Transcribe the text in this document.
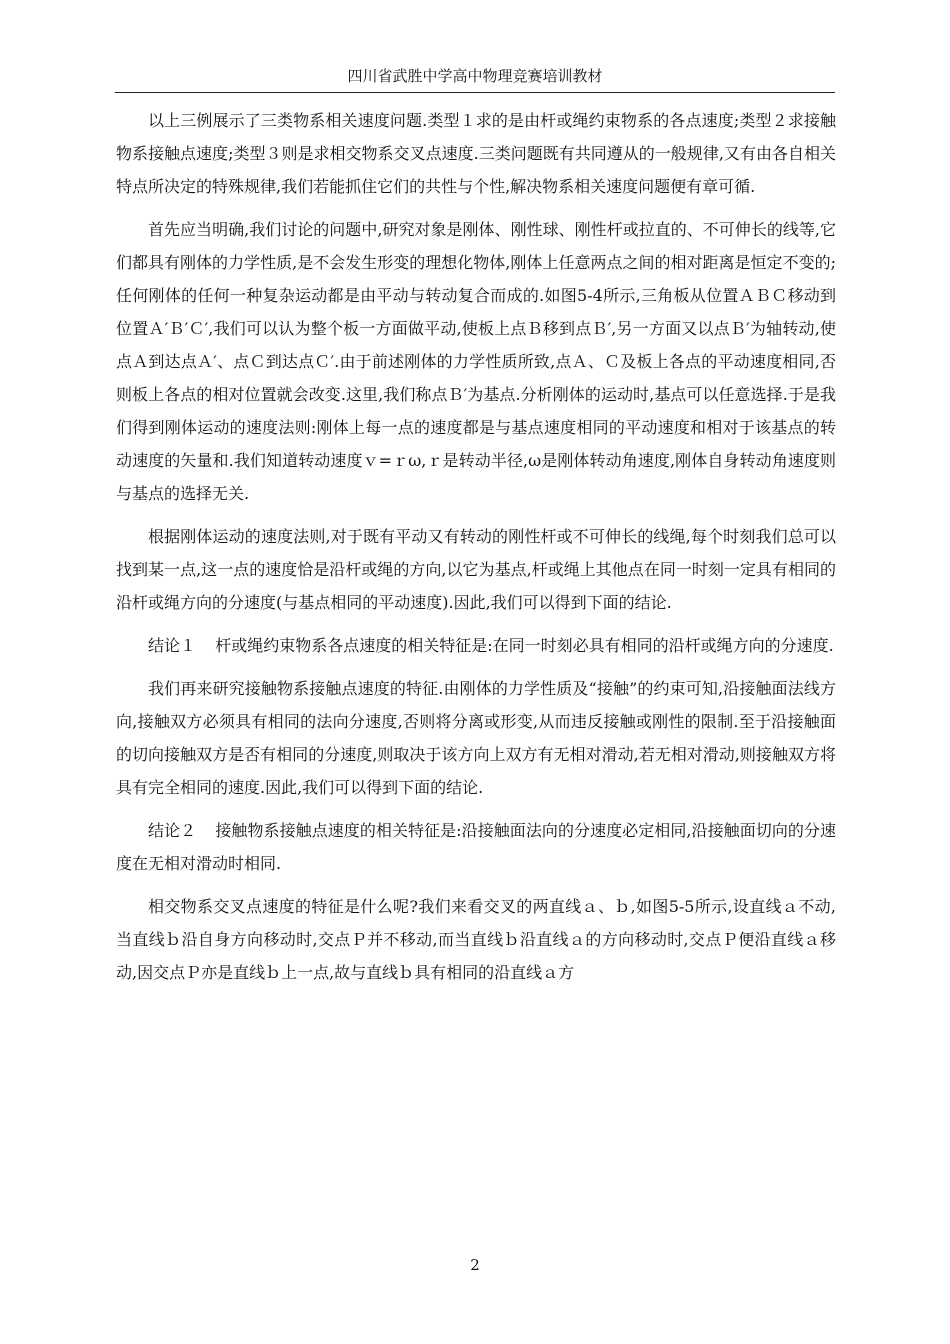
四川省武胜中学高中物理竞赛培训教材

以上三例展示了三类物系相关速度问题.类型１求的是由杆或绳约束物系的各点速度;类型２求接触物系接触点速度;类型３则是求相交物系交叉点速度.三类问题既有共同遵从的一般规律,又有由各自相关特点所决定的特殊规律,我们若能抓住它们的共性与个性,解决物系相关速度问题便有章可循.

首先应当明确,我们讨论的问题中,研究对象是刚体、刚性球、刚性杆或拉直的、不可伸长的线等,它们都具有刚体的力学性质,是不会发生形变的理想化物体,刚体上任意两点之间的相对距离是恒定不变的;任何刚体的任何一种复杂运动都是由平动与转动复合而成的.如图5-4所示,三角板从位置ＡＢＣ移动到位置Ａ′Ｂ′Ｃ′,我们可以认为整个板一方面做平动,使板上点Ｂ移到点Ｂ′,另一方面又以点Ｂ′为轴转动,使点Ａ到达点Ａ′、点Ｃ到达点Ｃ′.由于前述刚体的力学性质所致,点Ａ、Ｃ及板上各点的平动速度相同,否则板上各点的相对位置就会改变.这里,我们称点Ｂ′为基点.分析刚体的运动时,基点可以任意选择.于是我们得到刚体运动的速度法则:刚体上每一点的速度都是与基点速度相同的平动速度和相对于该基点的转动速度的矢量和.我们知道转动速度ｖ=ｒω,ｒ是转动半径,ω是刚体转动角速度,刚体自身转动角速度则与基点的选择无关.

根据刚体运动的速度法则,对于既有平动又有转动的刚性杆或不可伸长的线绳,每个时刻我们总可以找到某一点,这一点的速度恰是沿杆或绳的方向,以它为基点,杆或绳上其他点在同一时刻一定具有相同的沿杆或绳方向的分速度(与基点相同的平动速度).因此,我们可以得到下面的结论.

结论１ 杆或绳约束物系各点速度的相关特征是:在同一时刻必具有相同的沿杆或绳方向的分速度.

我们再来研究接触物系接触点速度的特征.由刚体的力学性质及“接触”的约束可知,沿接触面法线方向,接触双方必须具有相同的法向分速度,否则将分离或形变,从而违反接触或刚性的限制.至于沿接触面的切向接触双方是否有相同的分速度,则取决于该方向上双方有无相对滑动,若无相对滑动,则接触双方将具有完全相同的速度.因此,我们可以得到下面的结论.

结论２ 接触物系接触点速度的相关特征是:沿接触面法向的分速度必定相同,沿接触面切向的分速度在无相对滑动时相同.

相交物系交叉点速度的特征是什么呢?我们来看交叉的两直线ａ、ｂ,如图5-5所示,设直线ａ不动,当直线ｂ沿自身方向移动时,交点Ｐ并不移动,而当直线ｂ沿直线ａ的方向移动时,交点Ｐ便沿直线ａ移动,因交点Ｐ亦是直线ｂ上一点,故与直线ｂ具有相同的沿直线ａ方

2
